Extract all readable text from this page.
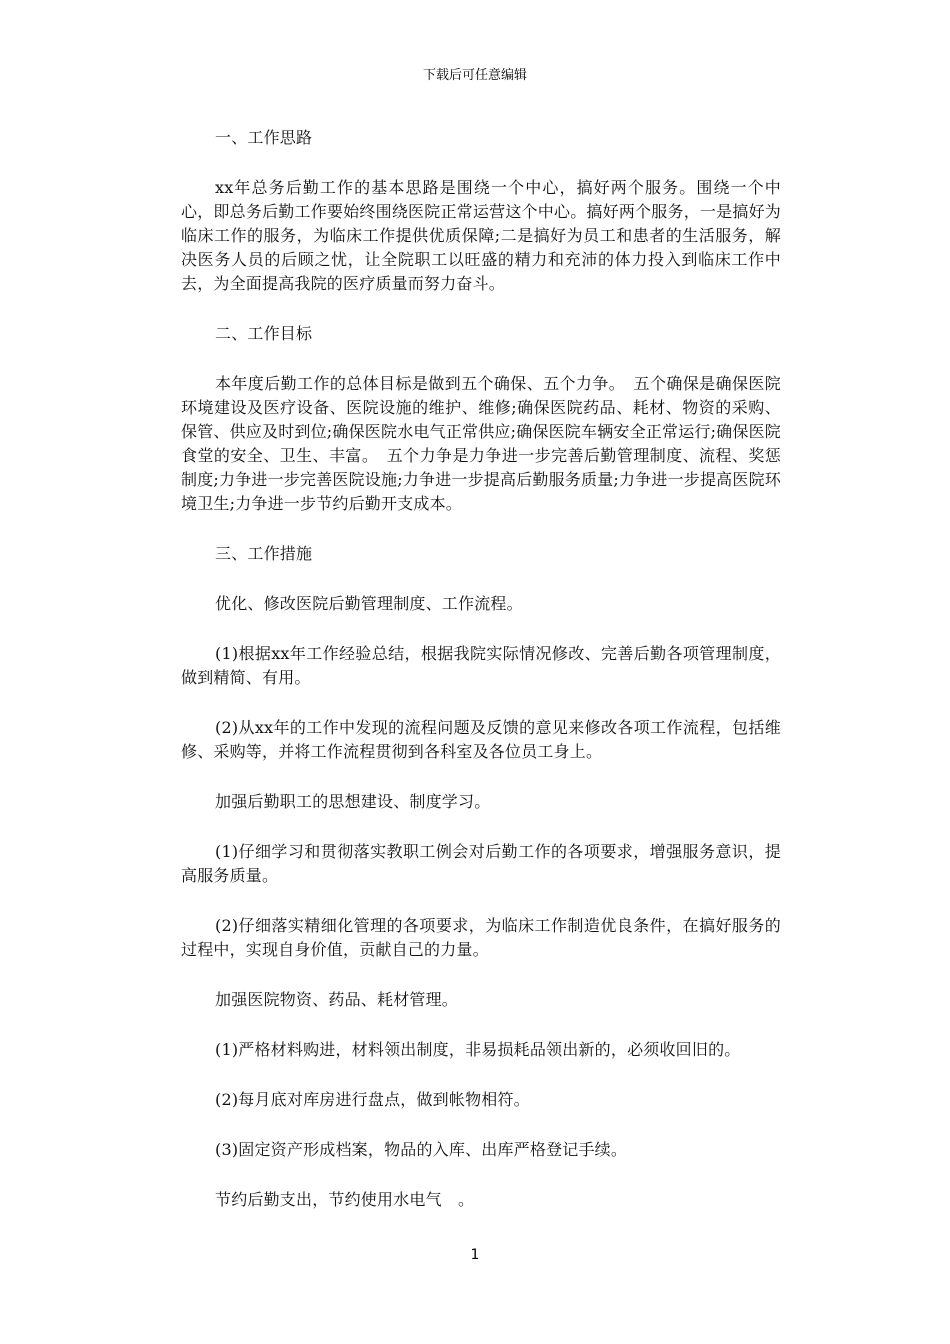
下载后可任意编辑

一、工作思路

xx年总务后勤工作的基本思路是围绕一个中心，搞好两个服务。围绕一个中心，即总务后勤工作要始终围绕医院正常运营这个中心。搞好两个服务，一是搞好为临床工作的服务，为临床工作提供优质保障;二是搞好为员工和患者的生活服务，解决医务人员的后顾之忧，让全院职工以旺盛的精力和充沛的体力投入到临床工作中去，为全面提高我院的医疗质量而努力奋斗。

二、工作目标

本年度后勤工作的总体目标是做到五个确保、五个力争。　五个确保是确保医院环境建设及医疗设备、医院设施的维护、维修;确保医院药品、耗材、物资的采购、保管、供应及时到位;确保医院水电气正常供应;确保医院车辆安全正常运行;确保医院食堂的安全、卫生、丰富。　五个力争是力争进一步完善后勤管理制度、流程、奖惩制度;力争进一步完善医院设施;力争进一步提高后勤服务质量;力争进一步提高医院环境卫生;力争进一步节约后勤开支成本。

三、工作措施

优化、修改医院后勤管理制度、工作流程。

(1)根据xx年工作经验总结，根据我院实际情况修改、完善后勤各项管理制度，做到精简、有用。

(2)从xx年的工作中发现的流程问题及反馈的意见来修改各项工作流程，包括维修、采购等，并将工作流程贯彻到各科室及各位员工身上。

加强后勤职工的思想建设、制度学习。

(1)仔细学习和贯彻落实教职工例会对后勤工作的各项要求，增强服务意识，提高服务质量。

(2)仔细落实精细化管理的各项要求，为临床工作制造优良条件，在搞好服务的过程中，实现自身价值，贡献自己的力量。

加强医院物资、药品、耗材管理。

(1)严格材料购进，材料领出制度，非易损耗品领出新的，必须收回旧的。

(2)每月底对库房进行盘点，做到帐物相符。

(3)固定资产形成档案，物品的入库、出库严格登记手续。

节约后勤支出，节约使用水电气　。

1
